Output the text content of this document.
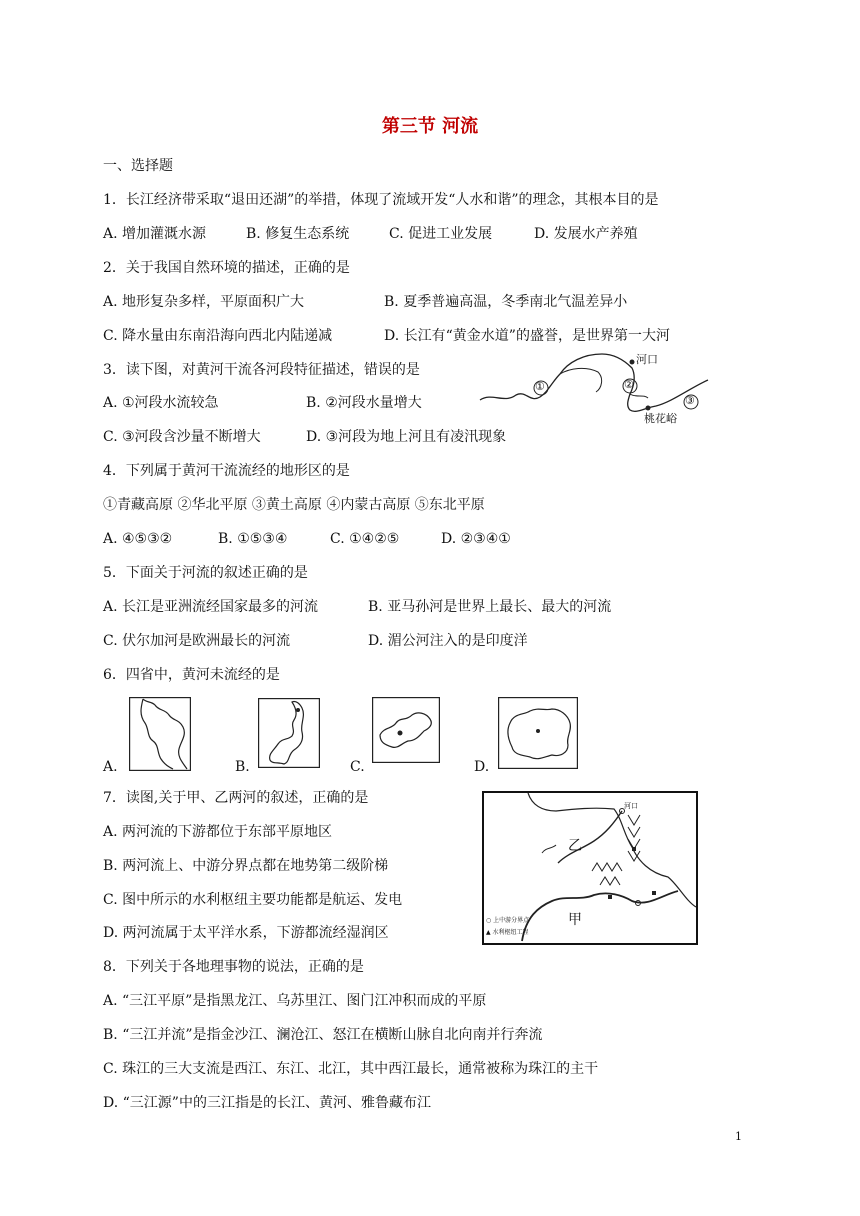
第三节 河流
一、选择题
1．长江经济带采取“退田还湖”的举措，体现了流域开发“人水和谐”的理念，其根本目的是
A. 增加灌溉水源	B. 修复生态系统	C. 促进工业发展	D. 发展水产养殖
2．关于我国自然环境的描述，正确的是
A. 地形复杂多样，平原面积广大	B. 夏季普遍高温，冬季南北气温差异小
C. 降水量由东南沿海向西北内陆递减	D. 长江有“黄金水道”的盛誉，是世界第一大河
3．读下图，对黄河干流各河段特征描述，错误的是
A. ①河段水流较急	B. ②河段水量增大
C. ③河段含沙量不断增大	D. ③河段为地上河且有凌汛现象
河口
桃花峪
①	②
③
4．下列属于黄河干流流经的地形区的是
①青藏高原 ②华北平原 ③黄土高原 ④内蒙古高原 ⑤东北平原
A. ④⑤③②	B. ①⑤③④	C. ①④②⑤	D. ②③④①
5．下面关于河流的叙述正确的是
A. 长江是亚洲流经国家最多的河流	B. 亚马孙河是世界上最长、最大的河流
C. 伏尔加河是欧洲最长的河流	D. 湄公河注入的是印度洋
6．四省中，黄河未流经的是
A.	B.	C.	D.
7．读图,关于甲、乙两河的叙述，正确的是
A. 两河流的下游都位于东部平原地区
B. 两河流上、中游分界点都在地势第二级阶梯
C. 图中所示的水利枢纽主要功能都是航运、发电
D. 两河流属于太平洋水系，下游都流经湿润区
乙
甲
河口
○ 上中游分界点
▲ 水利枢纽工程
8．下列关于各地理事物的说法，正确的是
A. “三江平原”是指黑龙江、乌苏里江、图门江冲积而成的平原
B. “三江并流”是指金沙江、澜沧江、怒江在横断山脉自北向南并行奔流
C. 珠江的三大支流是西江、东江、北江，其中西江最长，通常被称为珠江的主干
D. “三江源”中的三江指是的长江、黄河、雅鲁藏布江
1
